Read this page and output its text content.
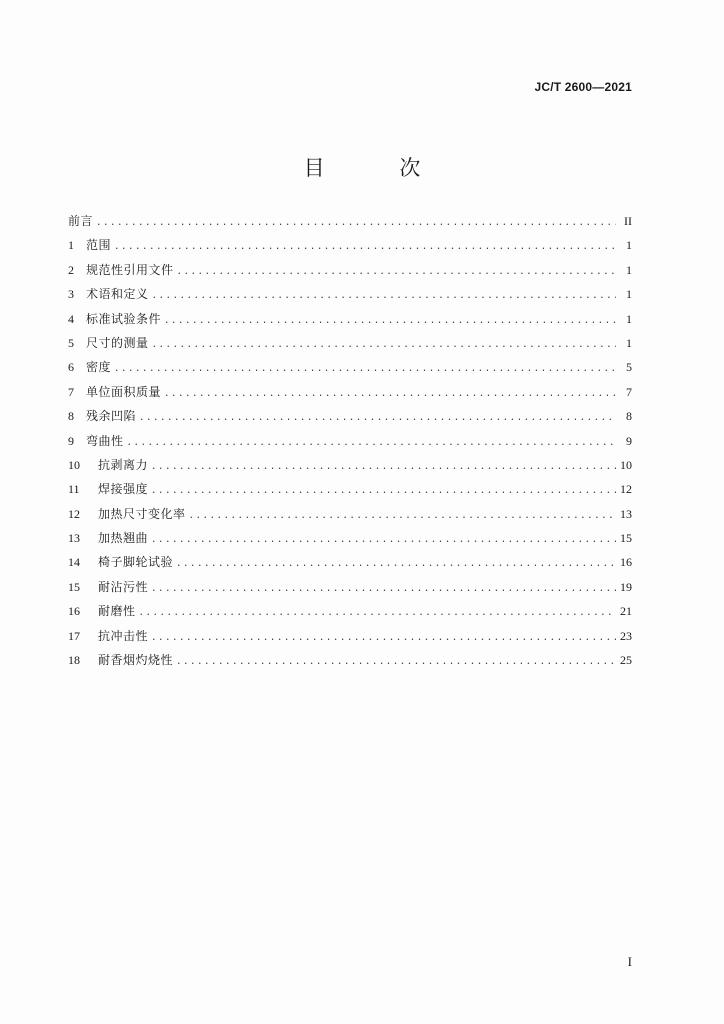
JC/T 2600—2021
目 次
前言 . . .	II
1	范围 . . .	1
2	规范性引用文件 . . .	1
3	术语和定义 . . .	1
4	标准试验条件 . . .	1
5	尺寸的测量 . . .	1
6	密度 . . .	5
7	单位面积质量 . . .	7
8	残余凹陷 . . .	8
9	弯曲性 . . .	9
10	抗剥离力 . . .	10
11	焊接强度 . . .	12
12	加热尺寸变化率 . . .	13
13	加热翘曲 . . .	15
14	椅子脚轮试验 . . .	16
15	耐沾污性 . . .	19
16	耐磨性 . . .	21
17	抗冲击性 . . .	23
18	耐香烟灼烧性 . . .	25
I
